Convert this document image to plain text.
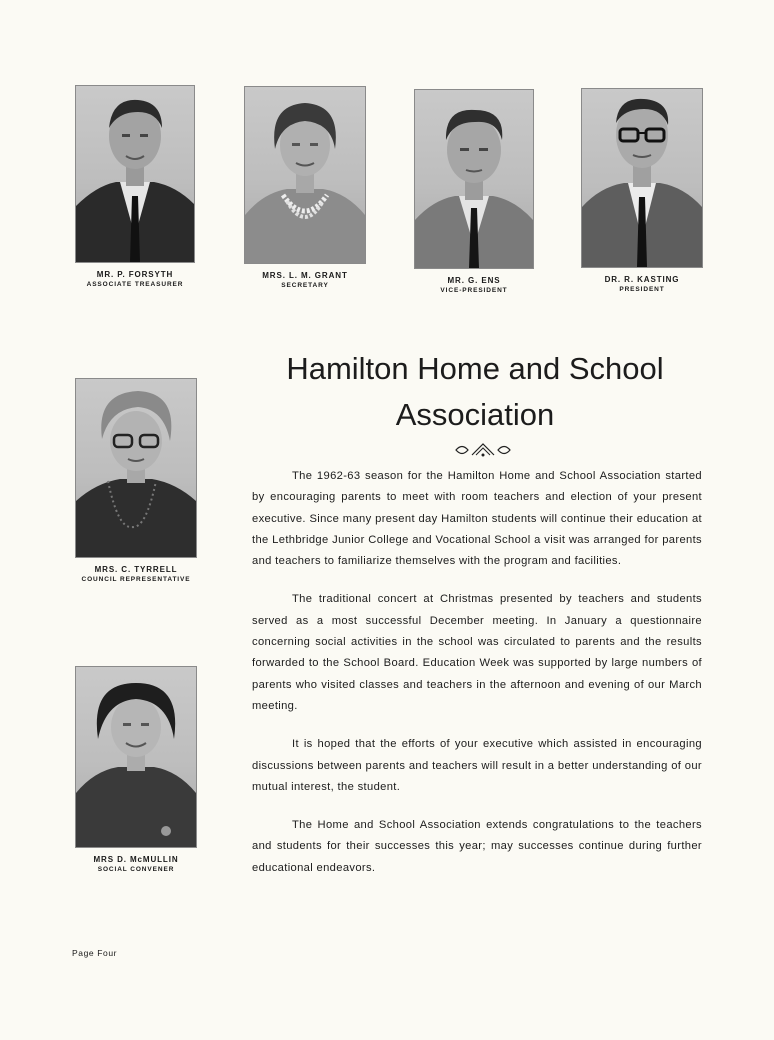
MR. P. FORSYTH
ASSOCIATE TREASURER
MRS. L. M. GRANT
SECRETARY
MR. G. ENS
VICE-PRESIDENT
DR. R. KASTING
PRESIDENT
MRS. C. TYRRELL
COUNCIL REPRESENTATIVE
MRS D. McMULLIN
SOCIAL CONVENER
Hamilton Home and School
Association

The 1962-63 season for the Hamilton Home and School Association started by encouraging parents to meet with room teachers and election of your present executive. Since many present day Hamilton students will continue their education at the Lethbridge Junior College and Vocational School a visit was arranged for parents and teachers to familiarize themselves with the program and facilities.

The traditional concert at Christmas presented by teachers and students served as a most successful December meeting. In January a questionnaire concerning social activities in the school was circulated to parents and the results forwarded to the School Board. Education Week was supported by large numbers of parents who visited classes and teachers in the afternoon and evening of our March meeting.

It is hoped that the efforts of your executive which assisted in encouraging discussions between parents and teachers will result in a better understanding of our mutual interest, the student.

The Home and School Association extends congratulations to the teachers and students for their successes this year; may successes continue during further educational endeavors.

Page Four
